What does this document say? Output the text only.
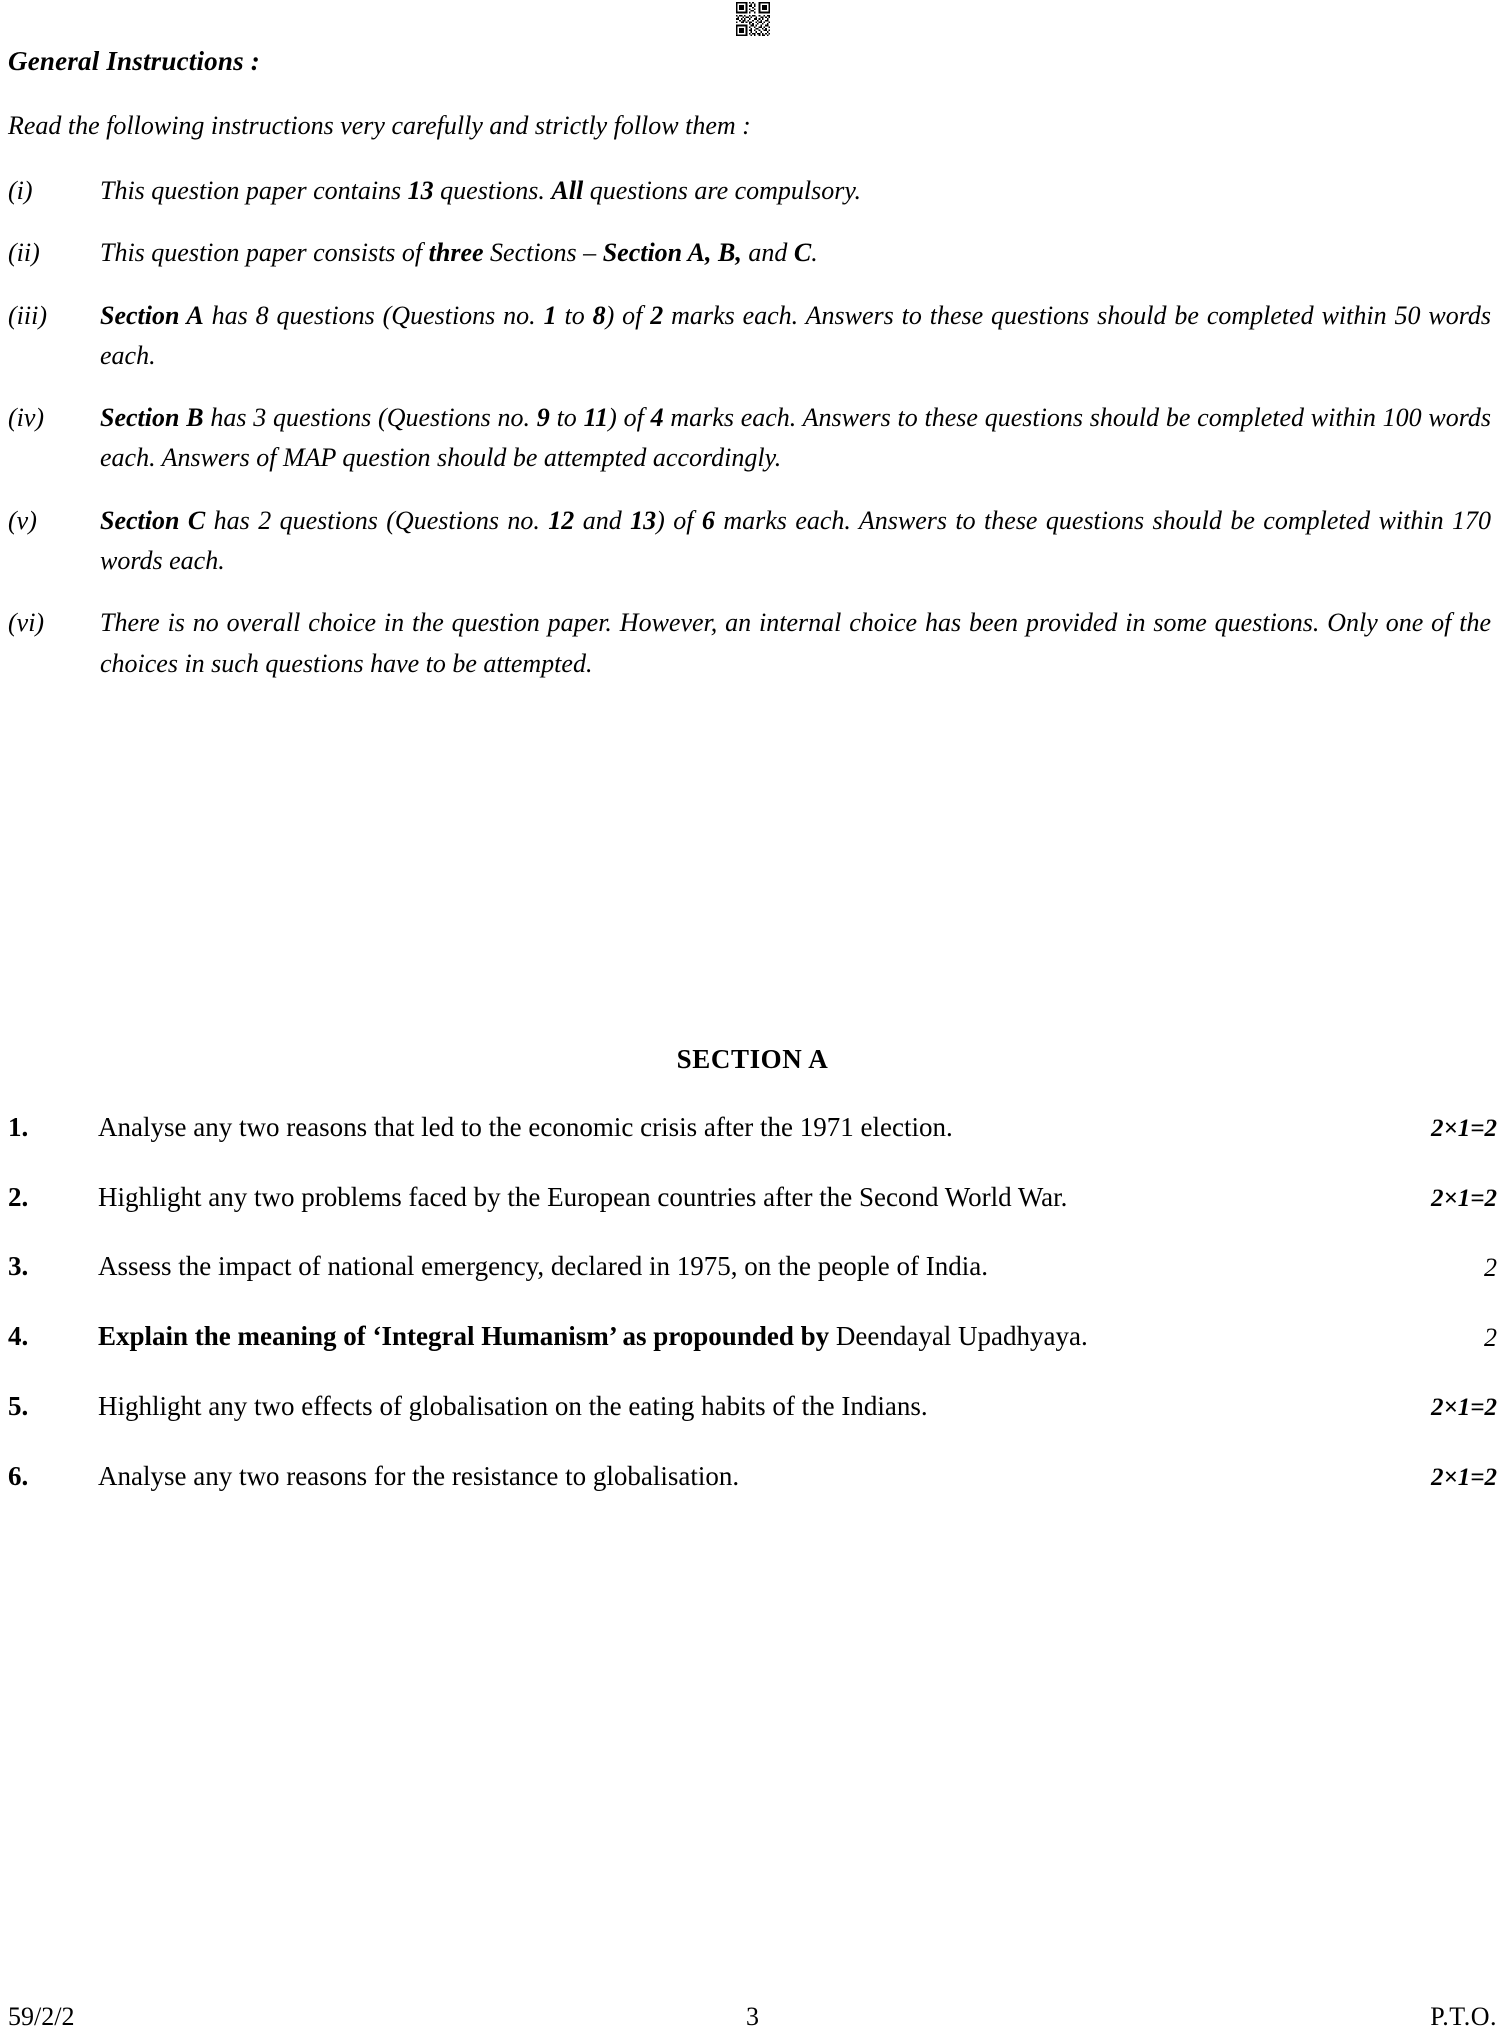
General Instructions :
Read the following instructions very carefully and strictly follow them :
(i)	This question paper contains 13 questions. All questions are compulsory.
(ii)	This question paper consists of three Sections – Section A, B, and C.
(iii)	Section A has 8 questions (Questions no. 1 to 8) of 2 marks each. Answers to these questions should be completed within 50 words each.
(iv)	Section B has 3 questions (Questions no. 9 to 11) of 4 marks each. Answers to these questions should be completed within 100 words each. Answers of MAP question should be attempted accordingly.
(v)	Section C has 2 questions (Questions no. 12 and 13) of 6 marks each. Answers to these questions should be completed within 170 words each.
(vi)	There is no overall choice in the question paper. However, an internal choice has been provided in some questions. Only one of the choices in such questions have to be attempted.
SECTION A
1.	Analyse any two reasons that led to the economic crisis after the 1971 election.	2×1=2
2.	Highlight any two problems faced by the European countries after the Second World War.	2×1=2
3.	Assess the impact of national emergency, declared in 1975, on the people of India.	2
4.	Explain the meaning of ‘Integral Humanism’ as propounded by Deendayal Upadhyaya.	2
5.	Highlight any two effects of globalisation on the eating habits of the Indians.	2×1=2
6.	Analyse any two reasons for the resistance to globalisation.	2×1=2
59/2/2	3	P.T.O.
